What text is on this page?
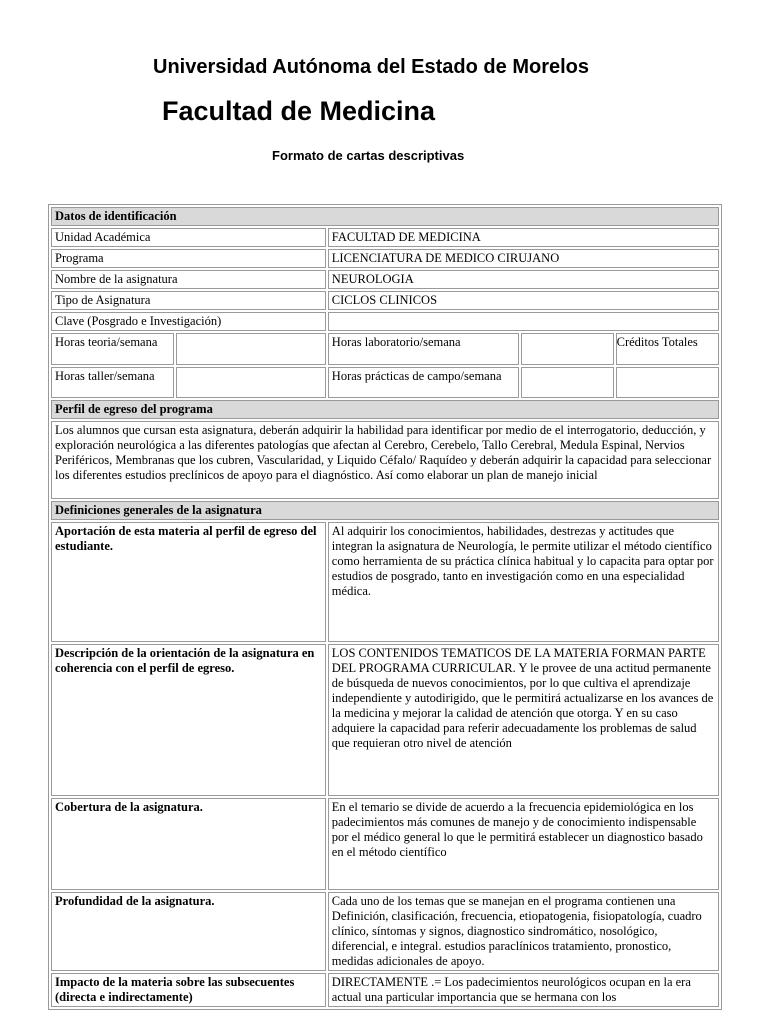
Universidad Autónoma del Estado de Morelos
Facultad de Medicina
Formato de cartas descriptivas
Datos de identificación				
Unidad Académica		FACULTAD DE MEDICINA		
Programa		LICENCIATURA DE MEDICO CIRUJANO		
Nombre de la asignatura		NEUROLOGIA		
Tipo de Asignatura		CICLOS CLINICOS		
Clave (Posgrado e Investigación)				
Horas teoria/semana		Horas laboratorio/semana		Créditos Totales
Horas taller/semana		Horas prácticas de campo/semana		
Perfil de egreso del programa				
Los alumnos que cursan esta asignatura, deberán adquirir la habilidad para identificar por medio de el interrogatorio, deducción, y exploración neurológica a las diferentes patologías que afectan al Cerebro, Cerebelo, Tallo Cerebral, Medula Espinal, Nervios Periféricos, Membranas que los cubren, Vascularidad, y Liquido Céfalo/ Raquídeo y deberán adquirir la capacidad para seleccionar los diferentes estudios preclínicos de apoyo para el diagnóstico. Así como elaborar un plan de manejo inicial				
Definiciones generales de la asignatura				
Aportación de esta materia al perfil de egreso del estudiante.		Al adquirir los conocimientos, habilidades, destrezas y actitudes que integran la asignatura de Neurología, le permite utilizar el método científico como herramienta de su práctica clínica habitual y lo capacita para optar por estudios de posgrado, tanto en investigación como en una especialidad médica.		
Descripción de la orientación de la asignatura en coherencia con el perfil de egreso.		LOS CONTENIDOS TEMATICOS DE LA MATERIA FORMAN PARTE DEL PROGRAMA CURRICULAR. Y le provee de una actitud permanente de búsqueda de nuevos conocimientos, por lo que cultiva el aprendizaje independiente y autodirigido, que le permitirá actualizarse en los avances de la medicina y mejorar la calidad de atención que otorga. Y en su caso adquiere la capacidad para referir adecuadamente los problemas de salud que requieran otro nivel de atención		
Cobertura de la asignatura.		En el temario se divide de acuerdo a la frecuencia epidemiológica en los padecimientos más comunes de manejo y de conocimiento indispensable por el médico general lo que le permitirá establecer un diagnostico basado en el método científico		
Profundidad de la asignatura.		Cada uno de los temas que se manejan en el programa contienen una Definición, clasificación, frecuencia, etiopatogenia, fisiopatología, cuadro clínico, síntomas y signos, diagnostico sindromático, nosológico, diferencial, e integral. estudios paraclínicos tratamiento, pronostico, medidas adicionales de apoyo.		
Impacto de la materia sobre las subsecuentes (directa e indirectamente)		DIRECTAMENTE .= Los padecimientos neurológicos ocupan en la era actual una particular importancia que se hermana con los		
